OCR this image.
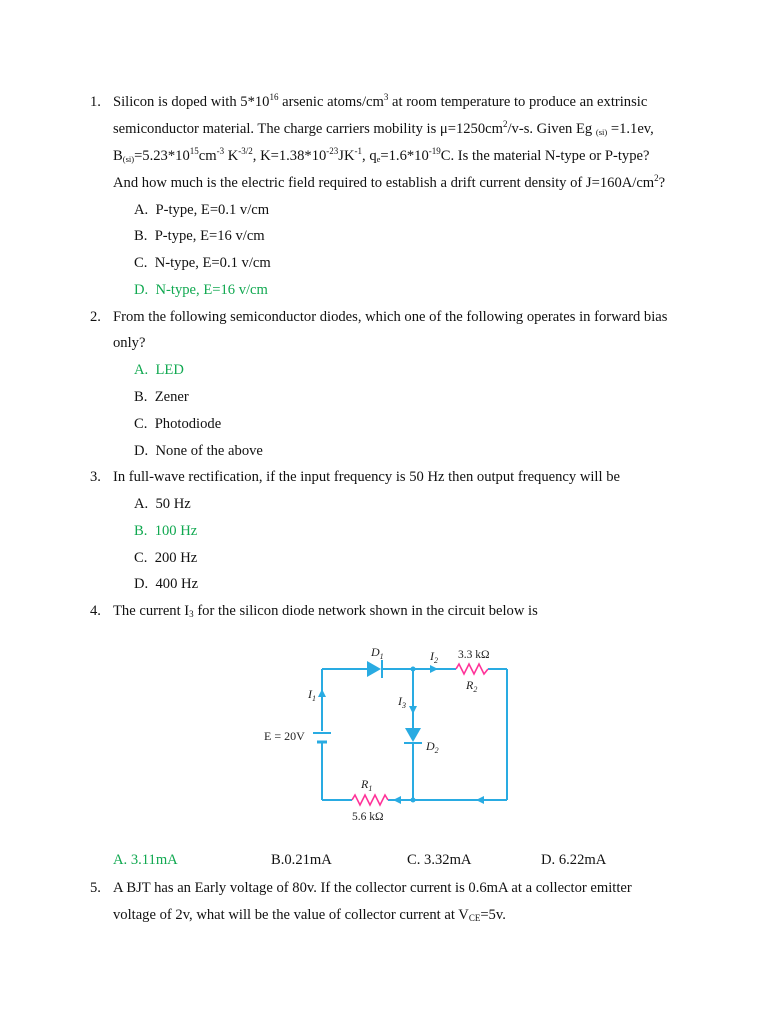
1. Silicon is doped with $5*10^{16}$ arsenic atoms/$cm^3$ at room temperature to produce an extrinsic
semiconductor material. The charge carriers mobility is $\mu=1250cm^2/v-s$. Given Eg $_{(si)}$ =1.1ev,
$B_{(si)}=5.23*10^{15}cm^{-3}$ $K^{-3/2}$, $K=1.38*10^{-23}JK^{-1}$, $q_e=1.6*10^{-19}C$. Is the material N-type or P-type?
And how much is the electric field required to establish a drift current density of $J=160A/cm^2$?
A. P-type, E=0.1 v/cm
B. P-type, E=16 v/cm
C. N-type, E=0.1 v/cm
D. N-type, E=16 v/cm
2. From the following semiconductor diodes, which one of the following operates in forward bias
only?
A. LED
B. Zener
C. Photodiode
D. None of the above
3. In full-wave rectification, if the input frequency is 50 Hz then output frequency will be
A. 50 Hz
B. 100 Hz
C. 200 Hz
D. 400 Hz
4. The current $I_3$ for the silicon diode network shown in the circuit below is
E = 20V
$D_1$
$D_2$
$I_1$
$I_2$
$I_3$
3.3 kΩ
$R_2$
$R_1$
5.6 kΩ
A. 3.11mA	B.0.21mA	C. 3.32mA	D. 6.22mA
5. A BJT has an Early voltage of 80v. If the collector current is 0.6mA at a collector emitter
voltage of 2v, what will be the value of collector current at $V_{CE}=5v$.
